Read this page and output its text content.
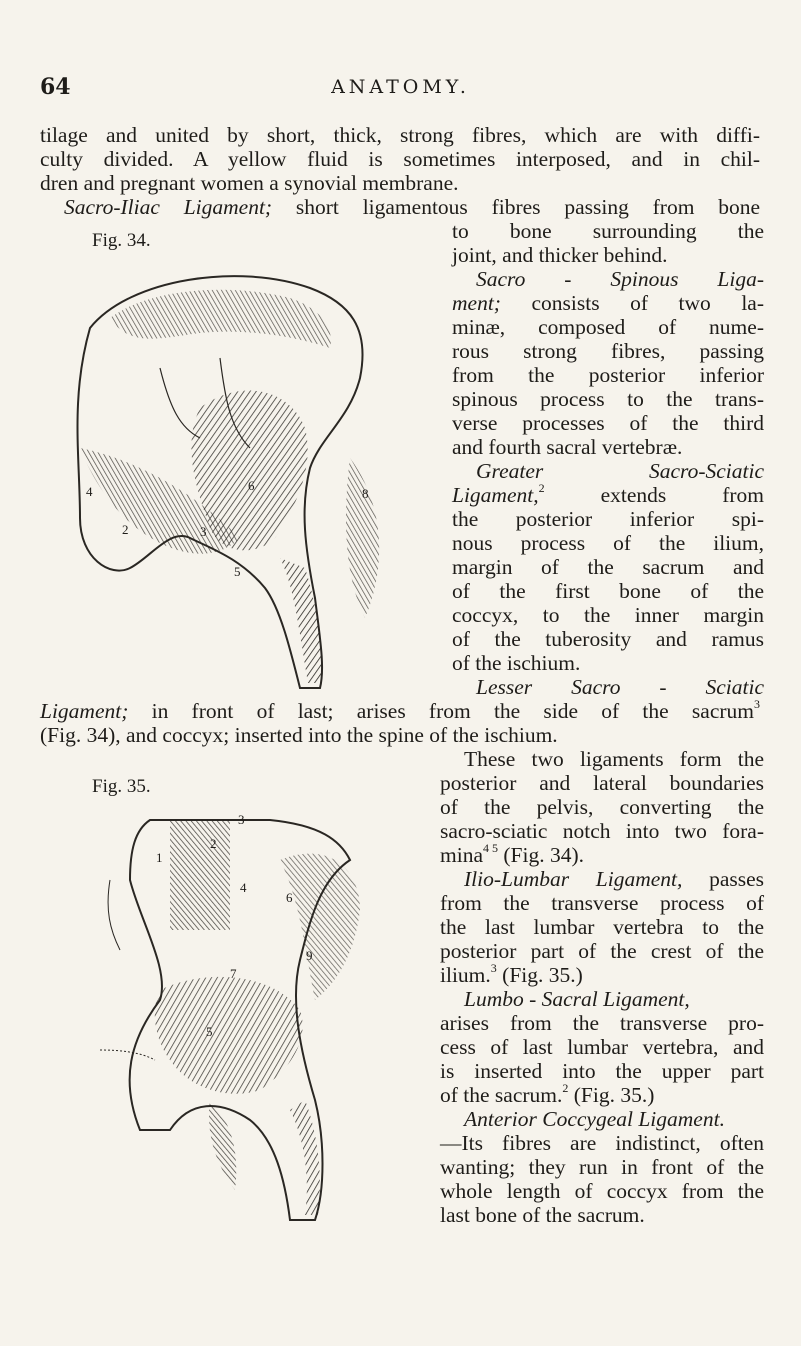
64	ANATOMY.
tilage and united by short, thick, strong fibres, which are with diffi-
culty divided. A yellow fluid is sometimes interposed, and in chil-
dren and pregnant women a synovial membrane.
Sacro-Iliac Ligament; short ligamentous fibres passing from bone
to bone surrounding the
joint, and thicker behind.
Sacro - Spinous Liga-
ment; consists of two la-
minæ, composed of nume-
rous strong fibres, passing
from the posterior inferior
spinous process to the trans-
verse processes of the third
and fourth sacral vertebræ.
Greater Sacro-Sciatic
Ligament,$^2$ extends from
the posterior inferior spi-
nous process of the ilium,
margin of the sacrum and
of the first bone of the
coccyx, to the inner margin
of the tuberosity and ramus
of the ischium.
Lesser Sacro - Sciatic
Ligament; in front of last; arises from the side of the sacrum$^3$
(Fig. 34), and coccyx; inserted into the spine of the ischium.
These two ligaments form the
posterior and lateral boundaries
of the pelvis, converting the
sacro-sciatic notch into two fora-
mina$^{4 5}$ (Fig. 34).
Ilio-Lumbar Ligament, passes
from the transverse process of
the last lumbar vertebra to the
posterior part of the crest of the
ilium.$^3$ (Fig. 35.)
Lumbo - Sacral Ligament,
arises from the transverse pro-
cess of last lumbar vertebra, and
is inserted into the upper part
of the sacrum.$^2$ (Fig. 35.)
Anterior Coccygeal Ligament.
—Its fibres are indistinct, often
wanting; they run in front of the
whole length of coccyx from the
last bone of the sacrum.
Fig. 34.
4
2	3
5
6
8
Fig. 35.
1
2
3
4
6
7
5
9
